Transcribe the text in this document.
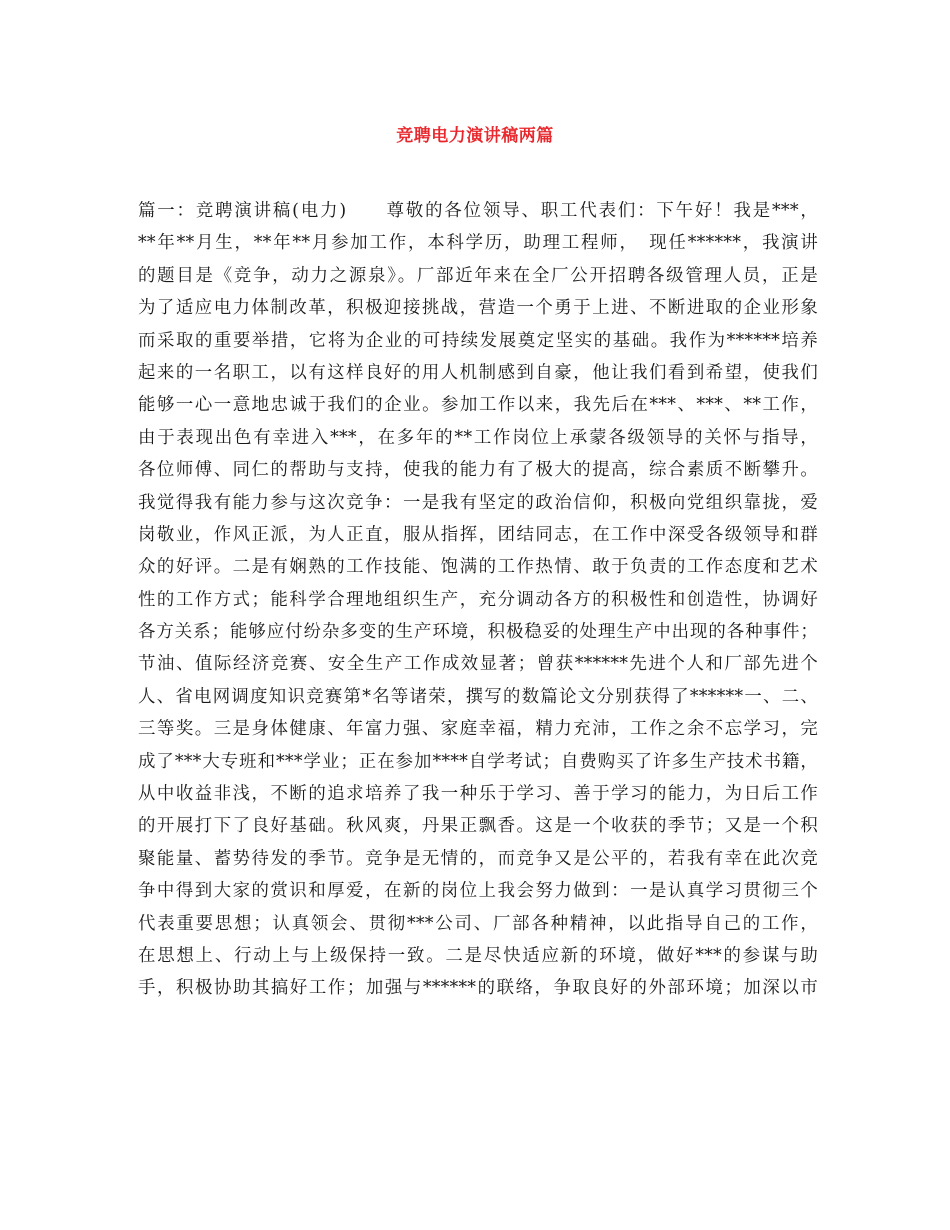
竞聘电力演讲稿两篇
篇一：竞聘演讲稿(电力)　　尊敬的各位领导、职工代表们：下午好！我是***，
**年**月生，**年**月参加工作，本科学历，助理工程师，　现任******，我演讲
的题目是《竞争，动力之源泉》。厂部近年来在全厂公开招聘各级管理人员，正是
为了适应电力体制改革，积极迎接挑战，营造一个勇于上进、不断进取的企业形象
而采取的重要举措，它将为企业的可持续发展奠定坚实的基础。我作为******培养
起来的一名职工，以有这样良好的用人机制感到自豪，他让我们看到希望，使我们
能够一心一意地忠诚于我们的企业。参加工作以来，我先后在***、***、**工作，
由于表现出色有幸进入***，在多年的**工作岗位上承蒙各级领导的关怀与指导，
各位师傅、同仁的帮助与支持，使我的能力有了极大的提高，综合素质不断攀升。
我觉得我有能力参与这次竞争：一是我有坚定的政治信仰，积极向党组织靠拢，爱
岗敬业，作风正派，为人正直，服从指挥，团结同志，在工作中深受各级领导和群
众的好评。二是有娴熟的工作技能、饱满的工作热情、敢于负责的工作态度和艺术
性的工作方式；能科学合理地组织生产，充分调动各方的积极性和创造性，协调好
各方关系；能够应付纷杂多变的生产环境，积极稳妥的处理生产中出现的各种事件；
节油、值际经济竞赛、安全生产工作成效显著；曾获******先进个人和厂部先进个
人、省电网调度知识竞赛第*名等诸荣，撰写的数篇论文分别获得了******一、二、
三等奖。三是身体健康、年富力强、家庭幸福，精力充沛，工作之余不忘学习，完
成了***大专班和***学业；正在参加****自学考试；自费购买了许多生产技术书籍，
从中收益非浅，不断的追求培养了我一种乐于学习、善于学习的能力，为日后工作
的开展打下了良好基础。秋风爽，丹果正飘香。这是一个收获的季节；又是一个积
聚能量、蓄势待发的季节。竞争是无情的，而竞争又是公平的，若我有幸在此次竞
争中得到大家的赏识和厚爱，在新的岗位上我会努力做到：一是认真学习贯彻三个
代表重要思想；认真领会、贯彻***公司、厂部各种精神，以此指导自己的工作，
在思想上、行动上与上级保持一致。二是尽快适应新的环境，做好***的参谋与助
手，积极协助其搞好工作；加强与******的联络，争取良好的外部环境；加深以市
